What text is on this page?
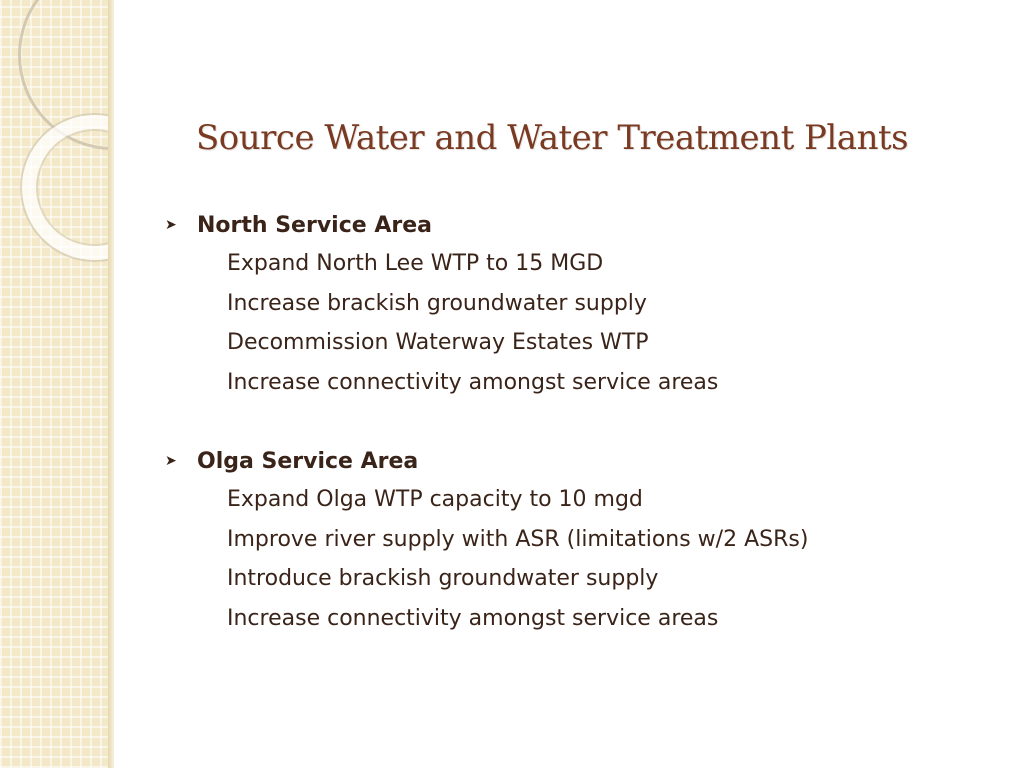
Source Water and Water Treatment Plants
➤ North Service Area
Expand North Lee WTP to 15 MGD
Increase brackish groundwater supply
Decommission Waterway Estates WTP
Increase connectivity amongst service areas
➤ Olga Service Area
Expand Olga WTP capacity to 10 mgd
Improve river supply with ASR (limitations w/2 ASRs)
Introduce brackish groundwater supply
Increase connectivity amongst service areas
